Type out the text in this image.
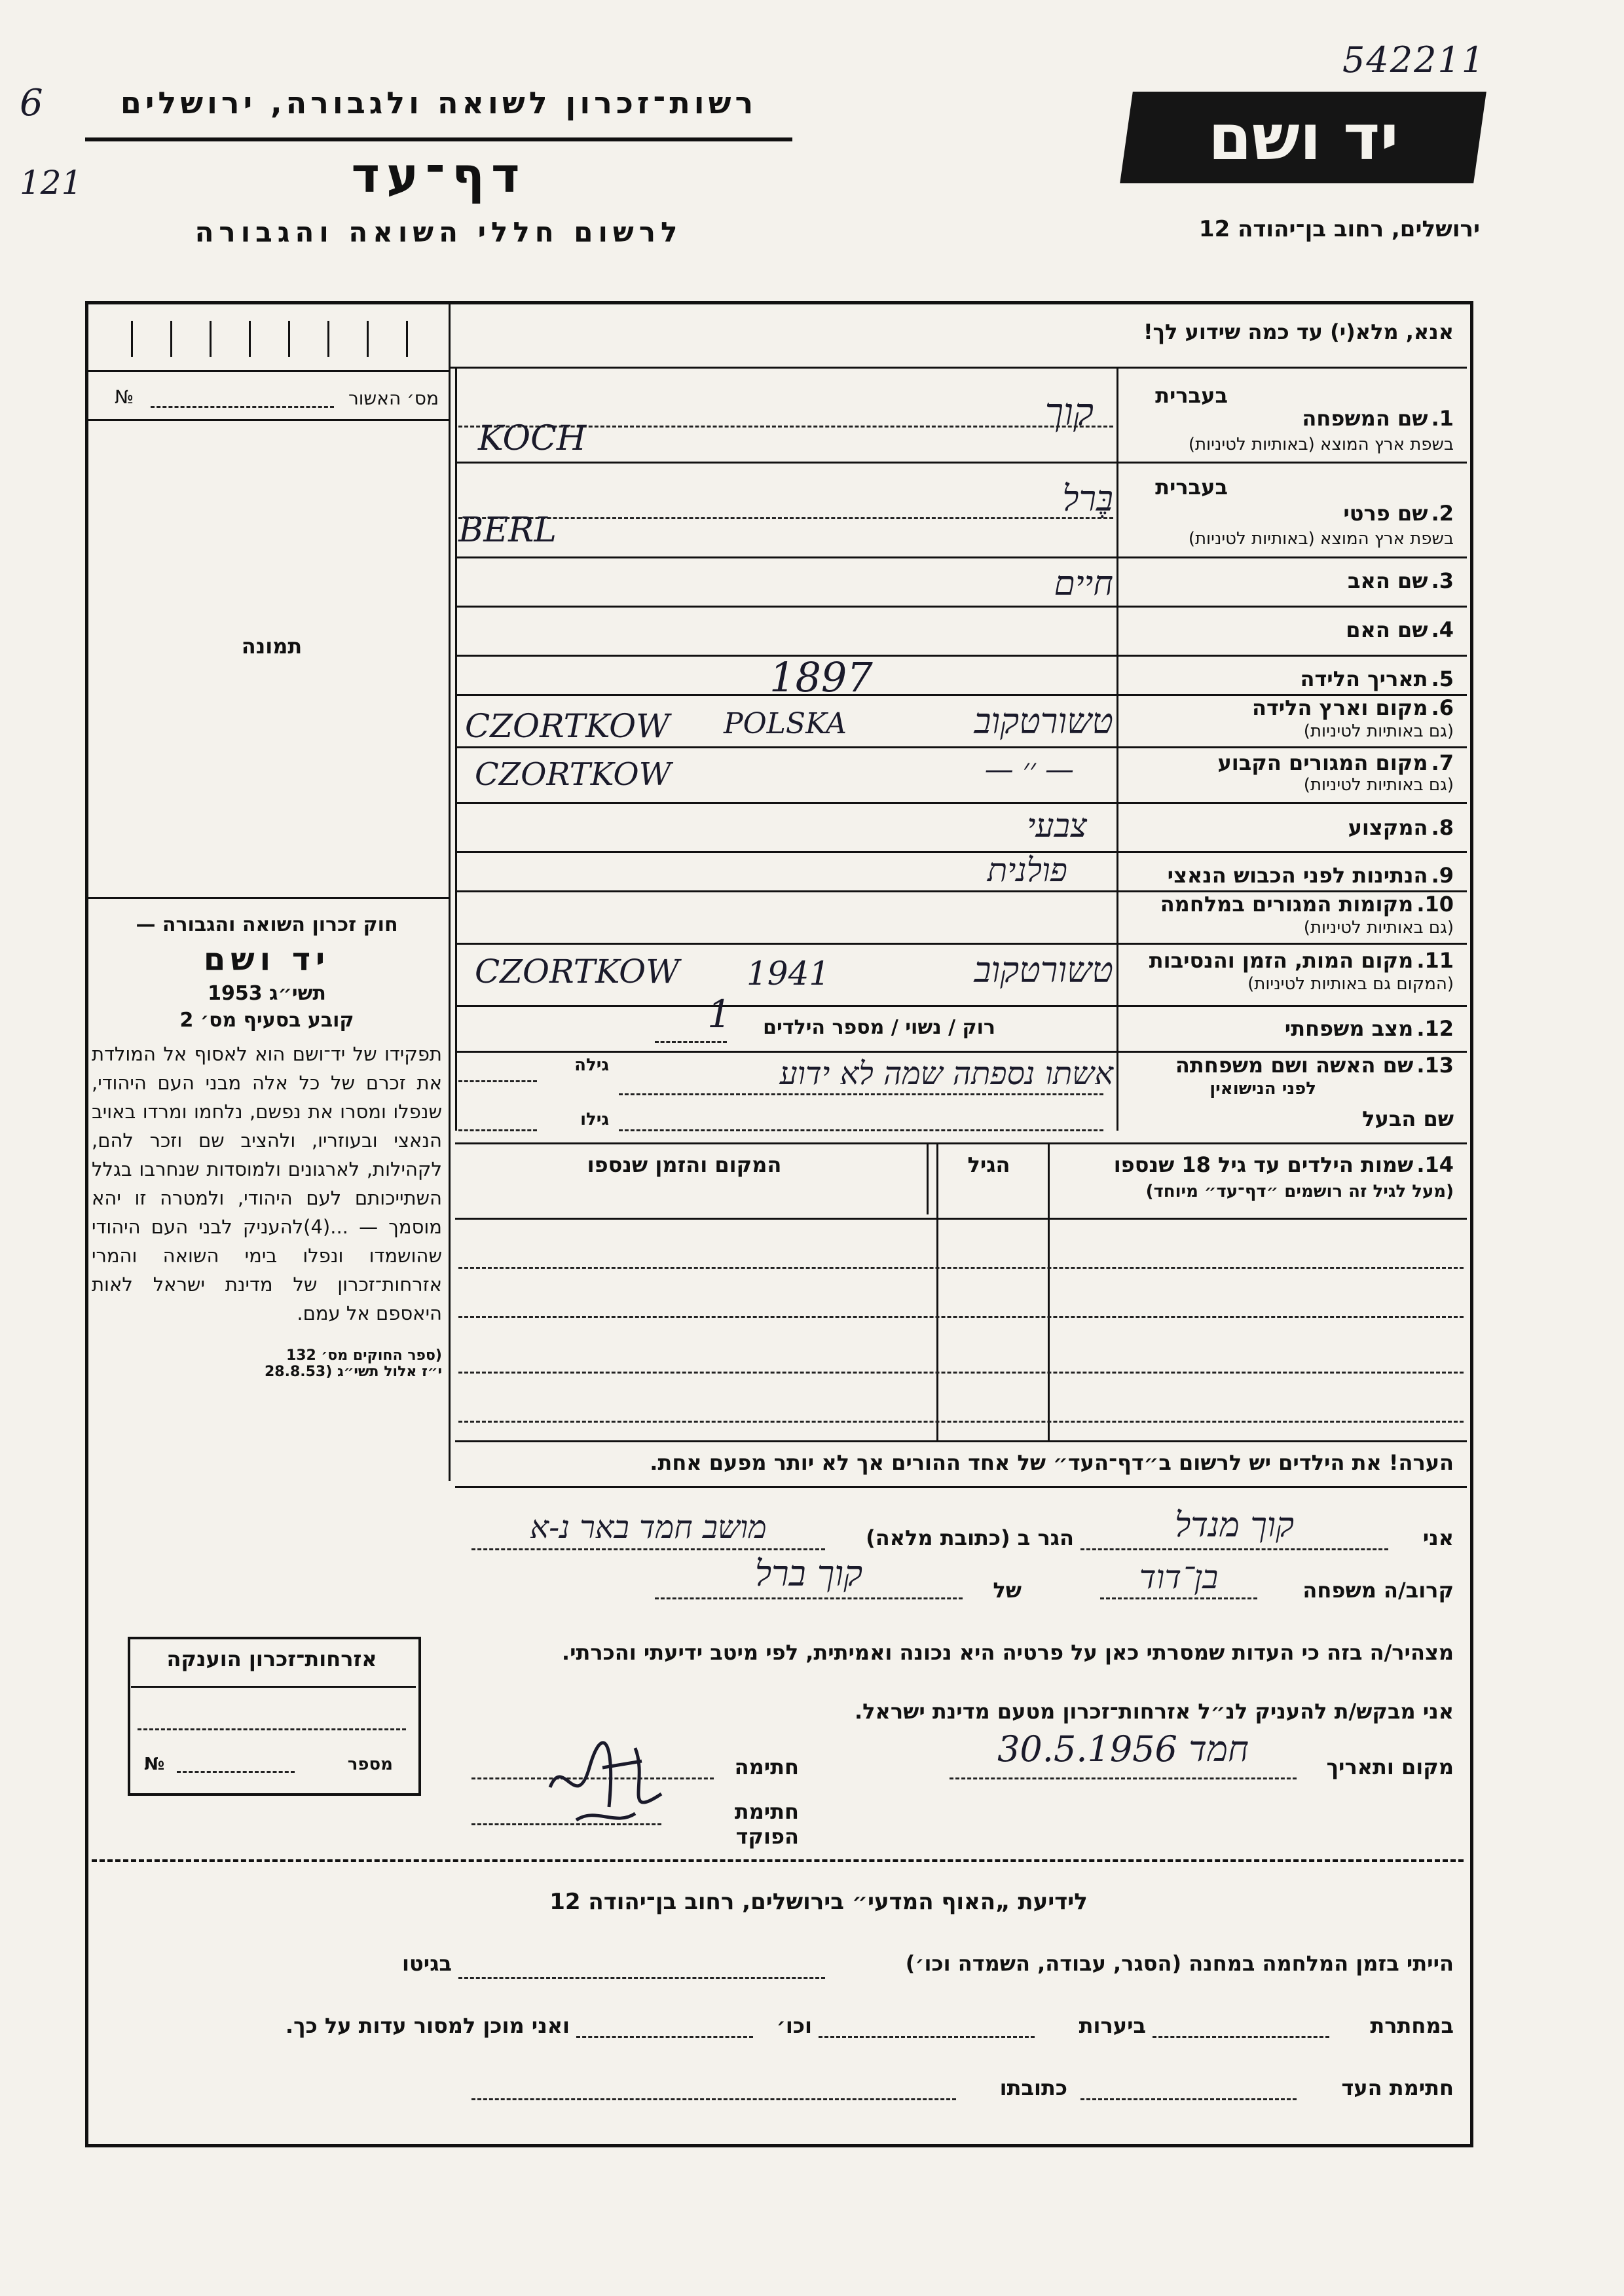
542211
6
121
רשות־זכרון לשואה ולגבורה, ירושלים
דף־עד
לרשום חללי השואה והגבורה
יד ושם
ירושלים, רחוב בן־יהודה 12
מס׳ האשור
№
תמונה
חוק זכרון השואה והגבורה —
יד ושם
תשי״ג 1953
קובע בסעיף מס׳ 2
תפקידו של יד־ושם הוא לאסוף אל המולדת את זכרם של כל אלה מבני העם היהודי, שנפלו ומסרו את נפשם, נלחמו ומרדו באויב הנאצי ובעוזריו, ולהציב שם וזכר להם, לקהילות, לארגונים ולמוסדות שנחרבו בגלל השתייכותם לעם היהודי, ולמטרה זו יהא מוסמך — ...(4)להעניק לבני העם היהודי שהושמדו ונפלו בימי השואה והמרי אזרחות־זכרון של מדינת ישראל לאות היאספם אל עמם.
(ספר החוקים מס׳ 132
י״ז אלול תשי״ג (28.8.53
אנא, מלא(י) עד כמה שידוע לך!
1. שם המשפחה
בעברית
בשפת ארץ המוצא (באותיות לטיניות)
קוך
KOCH
בעברית
2. שם פרטי
בשפת ארץ המוצא (באותיות לטיניות)
בֶּרל
BERL
3. שם האב
חיים
4. שם האם
5. תאריך הלידה
1897
6. מקום וארץ הלידה
(גם באותיות לטיניות)
CZORTKOW POLSKA	טשורטקוב
7. מקום המגורים הקבוע
(גם באותיות לטיניות)
CZORTKOW	— ׳׳ —
8. המקצוע
צבעי
9. הנתינות לפני הכבוש הנאצי
פולנית
10. מקומות המגורים במלחמה
(גם באותיות לטיניות)
11. מקום המות, הזמן והנסיבות
(המקום גם באותיות לטיניות)
CZORTKOW 1941	טשורטקוב
12. מצב משפחתי
רוק / נשוי / מספר הילדים
1
13. שם האשה ושם משפחתה
לפני הנישואין
גילה	אשתו נספתה שמה לא ידוע
שם הבעל
גילו
14. שמות הילדים עד גיל 18 שנספו
(מעל לגיל זה רושמים ״דף־עד״ מיוחד)
הגיל
המקום והזמן שנספו
הערה! את הילדים יש לרשום ב״דף־העד״ של אחד ההורים אך לא יותר מפעם אחת.
אני
קוך מנדל
הגר ב (כתובת מלאה)
מושב חמד באר נ-א
קרוב/ה משפחה
בן־דוד
של
קוך ברל
מצהיר/ה בזה כי העדות שמסרתי כאן על פרטיה היא נכונה ואמיתית, לפי מיטב ידיעתי והכרתי.
אני מבקש/ת להעניק לנ״ל אזרחות־זכרון מטעם מדינת ישראל.
מקום ותאריך
חמד 30.5.1956
חתימה
חתימת הפוקד
אזרחות־זכרון הוענקה
מספר
№
לידיעת „האוף המדעי״ בירושלים, רחוב בן־יהודה 12
הייתי בזמן המלחמה במחנה (הסגר, עבודה, השמדה וכו׳)
בגיטו
במחתרת
ביערות
וכו׳
ואני מוכן למסור עדות על כך.
חתימת העד
כתובתו
